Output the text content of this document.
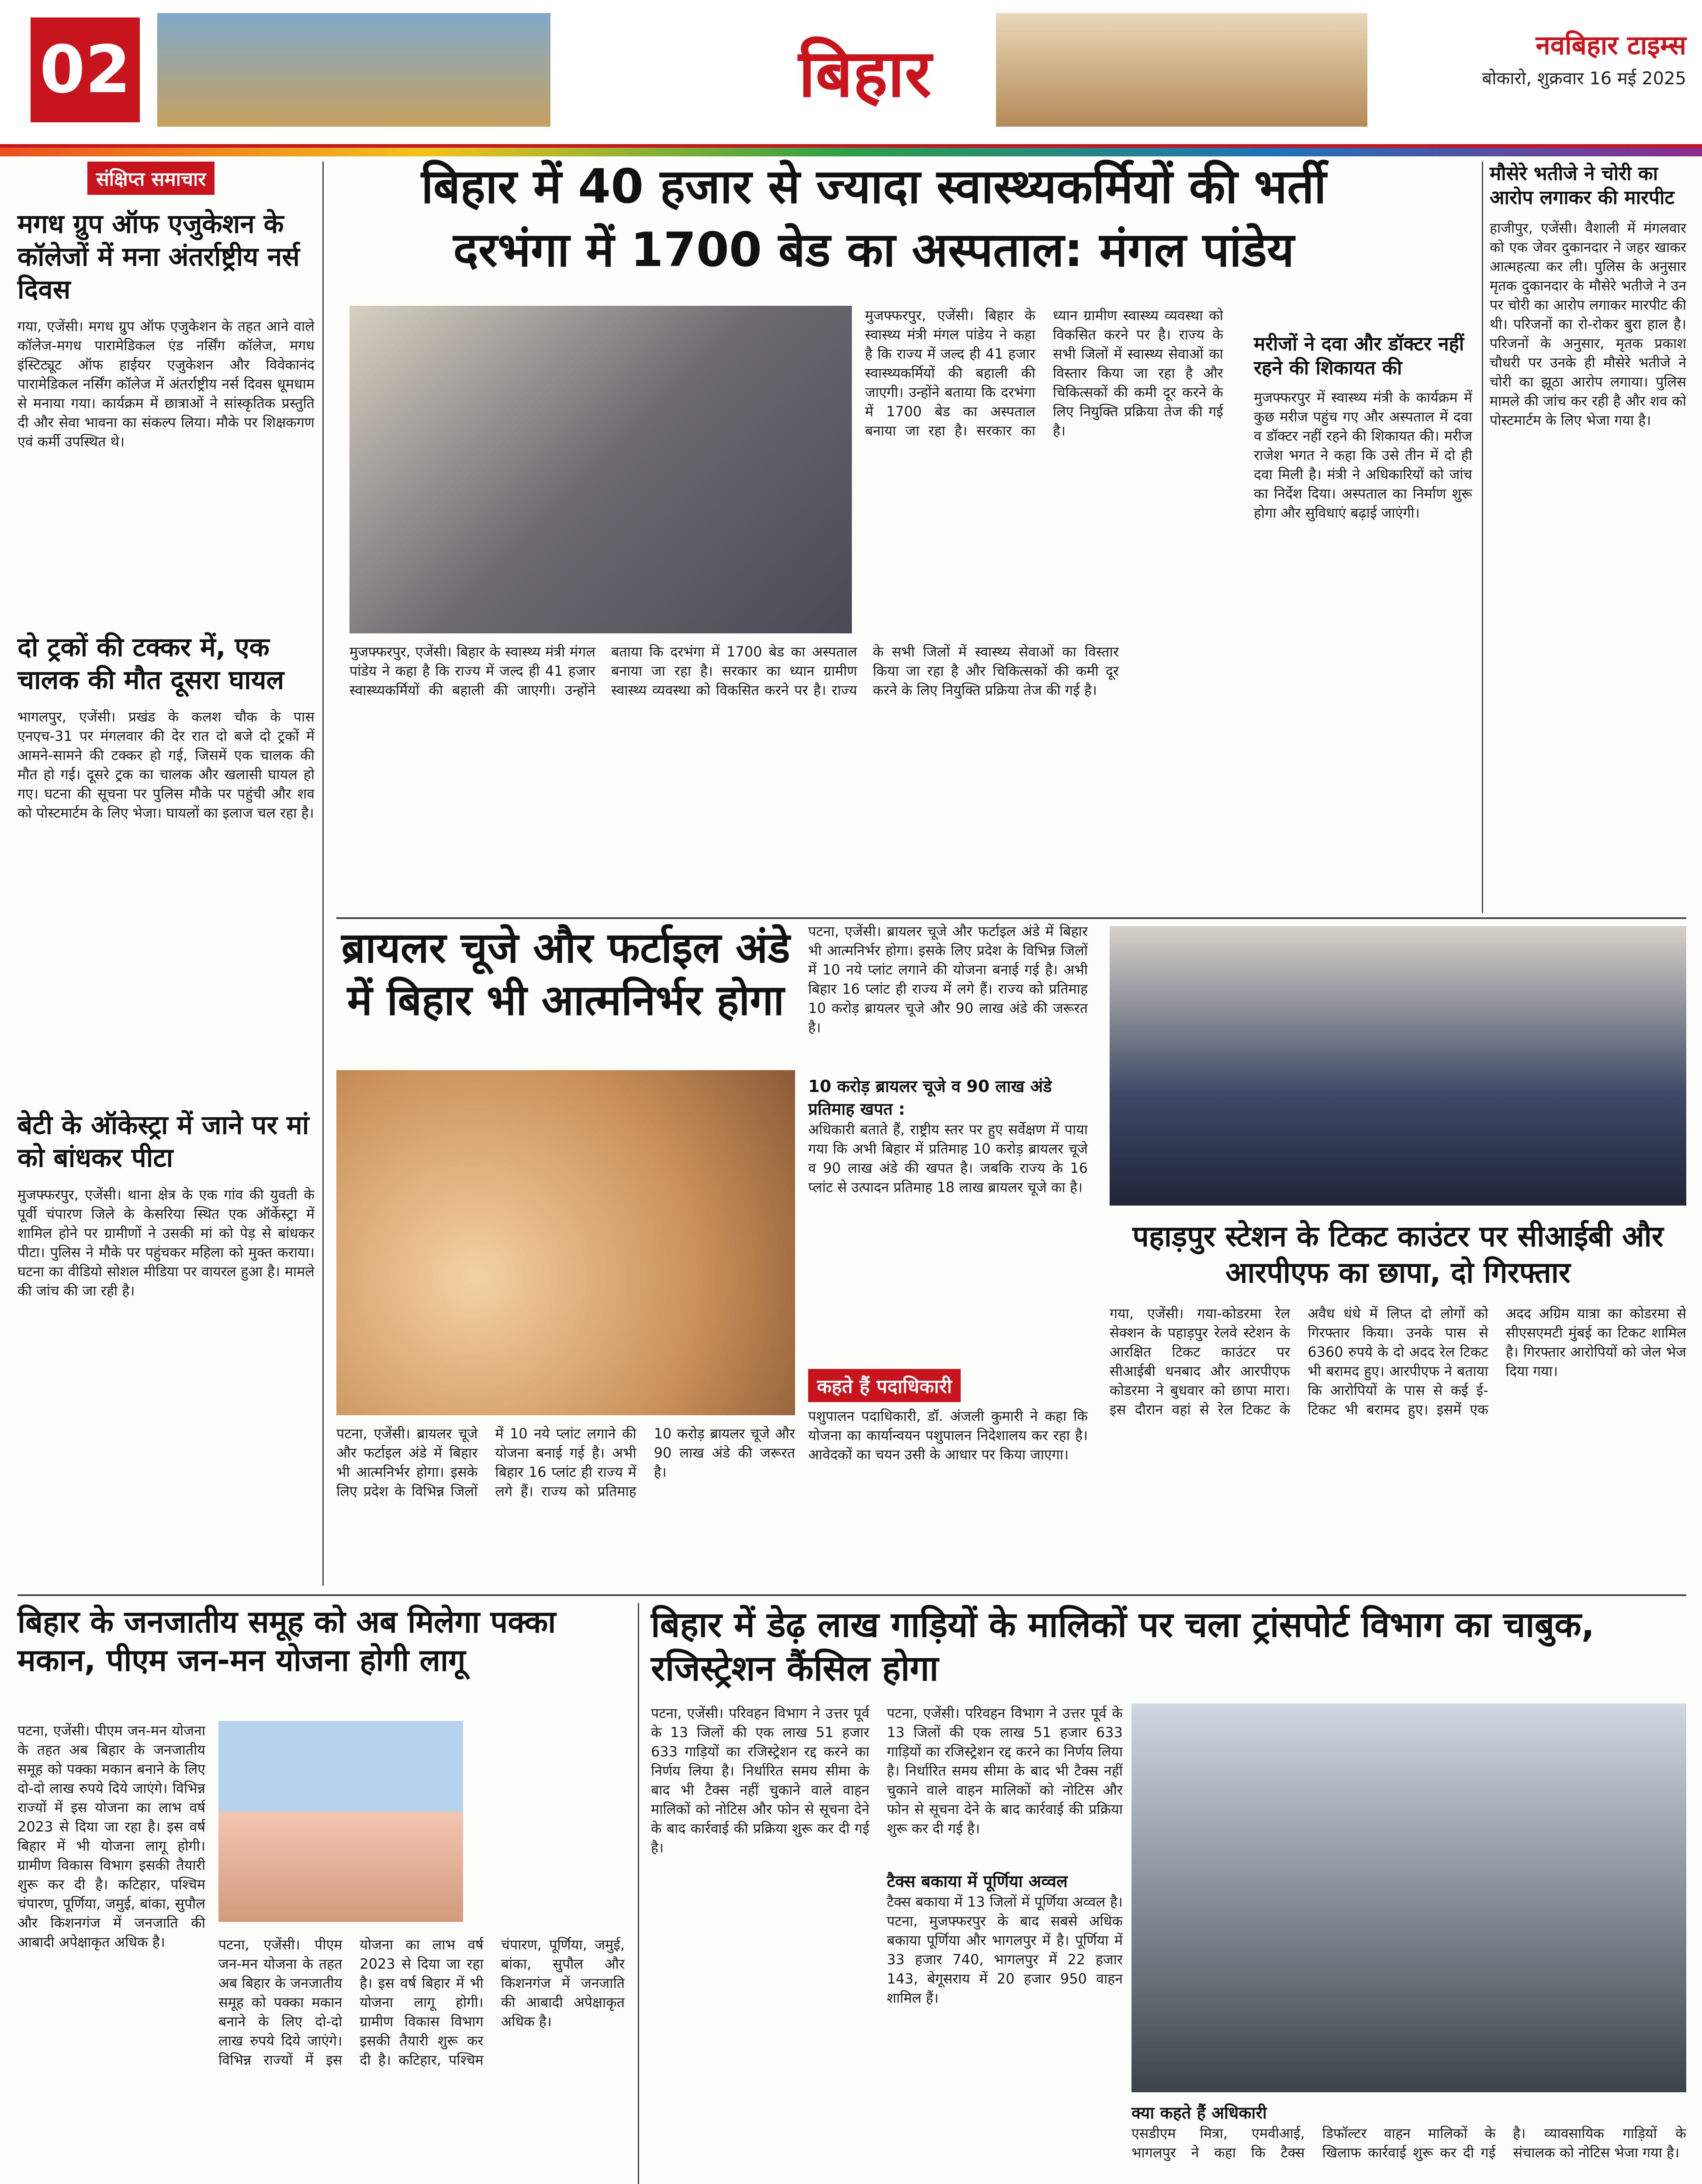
02	बिहार	नवबिहार टाइम्स
बोकारो, शुक्रवार 16 मई 2025
संक्षिप्त समाचार
मगध ग्रुप ऑफ एजुकेशन के कॉलेजों में मना अंतर्राष्ट्रीय नर्स दिवस
गया, एजेंसी। मगध ग्रुप ऑफ एजुकेशन के तहत आने वाले कॉलेज-मगध पारामेडिकल एंड नर्सिंग कॉलेज, मगध इंस्टिट्यूट ऑफ हाईयर एजुकेशन और विवेकानंद पारामेडिकल नर्सिंग कॉलेज में अंतर्राष्ट्रीय नर्स दिवस धूमधाम से मनाया गया। कार्यक्रम में छात्राओं ने सांस्कृतिक प्रस्तुति दी और सेवा भावना का संकल्प लिया। मौके पर शिक्षकगण एवं कर्मी उपस्थित थे।
दो ट्रकों की टक्कर में, एक चालक की मौत दूसरा घायल
भागलपुर, एजेंसी। प्रखंड के कलश चौक के पास एनएच-31 पर मंगलवार की देर रात दो बजे दो ट्रकों में आमने-सामने की टक्कर हो गई, जिसमें एक चालक की मौत हो गई। दूसरे ट्रक का चालक और खलासी घायल हो गए। घटना की सूचना पर पुलिस मौके पर पहुंची और शव को पोस्टमार्टम के लिए भेजा। घायलों का इलाज चल रहा है।
बेटी के ऑकेस्ट्रा में जाने पर मां को बांधकर पीटा
मुजफ्फरपुर, एजेंसी। थाना क्षेत्र के एक गांव की युवती के पूर्वी चंपारण जिले के केसरिया स्थित एक ऑर्केस्ट्रा में शामिल होने पर ग्रामीणों ने उसकी मां को पेड़ से बांधकर पीटा। पुलिस ने मौके पर पहुंचकर महिला को मुक्त कराया। घटना का वीडियो सोशल मीडिया पर वायरल हुआ है। मामले की जांच की जा रही है।
बिहार में 40 हजार से ज्यादा स्वास्थ्यकर्मियों की भर्ती
दरभंगा में 1700 बेड का अस्पताल: मंगल पांडेय
मुजफ्फरपुर, एजेंसी। बिहार के स्वास्थ्य मंत्री मंगल पांडेय ने कहा है कि राज्य में जल्द ही 41 हजार स्वास्थ्यकर्मियों की बहाली की जाएगी। उन्होंने बताया कि दरभंगा में 1700 बेड का अस्पताल बनाया जा रहा है। सरकार का ध्यान ग्रामीण स्वास्थ्य व्यवस्था को विकसित करने पर है। राज्य के सभी जिलों में स्वास्थ्य सेवाओं का विस्तार किया जा रहा है और चिकित्सकों की कमी दूर करने के लिए नियुक्ति प्रक्रिया तेज की गई है।
मुजफ्फरपुर, एजेंसी। बिहार के स्वास्थ्य मंत्री मंगल पांडेय ने कहा है कि राज्य में जल्द ही 41 हजार स्वास्थ्यकर्मियों की बहाली की जाएगी। उन्होंने बताया कि दरभंगा में 1700 बेड का अस्पताल बनाया जा रहा है। सरकार का ध्यान ग्रामीण स्वास्थ्य व्यवस्था को विकसित करने पर है। राज्य के सभी जिलों में स्वास्थ्य सेवाओं का विस्तार किया जा रहा है और चिकित्सकों की कमी दूर करने के लिए नियुक्ति प्रक्रिया तेज की गई है।
मरीजों ने दवा और डॉक्टर नहीं रहने की शिकायत की
मुजफ्फरपुर में स्वास्थ्य मंत्री के कार्यक्रम में कुछ मरीज पहुंच गए और अस्पताल में दवा व डॉक्टर नहीं रहने की शिकायत की। मरीज राजेश भगत ने कहा कि उसे तीन में दो ही दवा मिली है। मंत्री ने अधिकारियों को जांच का निर्देश दिया। अस्पताल का निर्माण शुरू होगा और सुविधाएं बढ़ाई जाएंगी।
मौसेरे भतीजे ने चोरी का आरोप लगाकर की मारपीट
हाजीपुर, एजेंसी। वैशाली में मंगलवार को एक जेवर दुकानदार ने जहर खाकर आत्महत्या कर ली। पुलिस के अनुसार मृतक दुकानदार के मौसेरे भतीजे ने उन पर चोरी का आरोप लगाकर मारपीट की थी। परिजनों का रो-रोकर बुरा हाल है। परिजनों के अनुसार, मृतक प्रकाश चौधरी पर उनके ही मौसेरे भतीजे ने चोरी का झूठा आरोप लगाया। पुलिस मामले की जांच कर रही है और शव को पोस्टमार्टम के लिए भेजा गया है।
ब्रायलर चूजे और फर्टाइल अंडे में बिहार भी आत्मनिर्भर होगा
पटना, एजेंसी। ब्रायलर चूजे और फर्टाइल अंडे में बिहार भी आत्मनिर्भर होगा। इसके लिए प्रदेश के विभिन्न जिलों में 10 नये प्लांट लगाने की योजना बनाई गई है। अभी बिहार 16 प्लांट ही राज्य में लगे हैं। राज्य को प्रतिमाह 10 करोड़ ब्रायलर चूजे और 90 लाख अंडे की जरूरत है।
पटना, एजेंसी। ब्रायलर चूजे और फर्टाइल अंडे में बिहार भी आत्मनिर्भर होगा। इसके लिए प्रदेश के विभिन्न जिलों में 10 नये प्लांट लगाने की योजना बनाई गई है। अभी बिहार 16 प्लांट ही राज्य में लगे हैं। राज्य को प्रतिमाह 10 करोड़ ब्रायलर चूजे और 90 लाख अंडे की जरूरत है।
10 करोड़ ब्रायलर चूजे व 90 लाख अंडे प्रतिमाह खपत :
अधिकारी बताते हैं, राष्ट्रीय स्तर पर हुए सर्वेक्षण में पाया गया कि अभी बिहार में प्रतिमाह 10 करोड़ ब्रायलर चूजे व 90 लाख अंडे की खपत है। जबकि राज्य के 16 प्लांट से उत्पादन प्रतिमाह 18 लाख ब्रायलर चूजे का है।
कहते हैं पदाधिकारी
पशुपालन पदाधिकारी, डॉ. अंजली कुमारी ने कहा कि योजना का कार्यान्वयन पशुपालन निदेशालय कर रहा है। आवेदकों का चयन उसी के आधार पर किया जाएगा।
पहाड़पुर स्टेशन के टिकट काउंटर पर सीआईबी और आरपीएफ का छापा, दो गिरफ्तार
गया, एजेंसी। गया-कोडरमा रेल सेक्शन के पहाड़पुर रेलवे स्टेशन के आरक्षित टिकट काउंटर पर सीआईबी धनबाद और आरपीएफ कोडरमा ने बुधवार को छापा मारा। इस दौरान वहां से रेल टिकट के अवैध धंधे में लिप्त दो लोगों को गिरफ्तार किया। उनके पास से 6360 रुपये के दो अदद रेल टिकट भी बरामद हुए। आरपीएफ ने बताया कि आरोपियों के पास से कई ई-टिकट भी बरामद हुए। इसमें एक अदद अग्रिम यात्रा का कोडरमा से सीएसएमटी मुंबई का टिकट शामिल है। गिरफ्तार आरोपियों को जेल भेज दिया गया।
बिहार के जनजातीय समूह को अब मिलेगा पक्का मकान, पीएम जन-मन योजना होगी लागू
पटना, एजेंसी। पीएम जन-मन योजना के तहत अब बिहार के जनजातीय समूह को पक्का मकान बनाने के लिए दो-दो लाख रुपये दिये जाएंगे। विभिन्न राज्यों में इस योजना का लाभ वर्ष 2023 से दिया जा रहा है। इस वर्ष बिहार में भी योजना लागू होगी। ग्रामीण विकास विभाग इसकी तैयारी शुरू कर दी है। कटिहार, पश्चिम चंपारण, पूर्णिया, जमुई, बांका, सुपौल और किशनगंज में जनजाति की आबादी अपेक्षाकृत अधिक है।	पटना, एजेंसी। पीएम जन-मन योजना के तहत अब बिहार के जनजातीय समूह को पक्का मकान बनाने के लिए दो-दो लाख रुपये दिये जाएंगे। विभिन्न राज्यों में इस योजना का लाभ वर्ष 2023 से दिया जा रहा है। इस वर्ष बिहार में भी योजना लागू होगी। ग्रामीण विकास विभाग इसकी तैयारी शुरू कर दी है। कटिहार, पश्चिम चंपारण, पूर्णिया, जमुई, बांका, सुपौल और किशनगंज में जनजाति की आबादी अपेक्षाकृत अधिक है।
बिहार में डेढ़ लाख गाड़ियों के मालिकों पर चला ट्रांसपोर्ट विभाग का चाबुक, रजिस्ट्रेशन कैंसिल होगा
पटना, एजेंसी। परिवहन विभाग ने उत्तर पूर्व के 13 जिलों की एक लाख 51 हजार 633 गाड़ियों का रजिस्ट्रेशन रद्द करने का निर्णय लिया है। निर्धारित समय सीमा के बाद भी टैक्स नहीं चुकाने वाले वाहन मालिकों को नोटिस और फोन से सूचना देने के बाद कार्रवाई की प्रक्रिया शुरू कर दी गई है।
पटना, एजेंसी। परिवहन विभाग ने उत्तर पूर्व के 13 जिलों की एक लाख 51 हजार 633 गाड़ियों का रजिस्ट्रेशन रद्द करने का निर्णय लिया है। निर्धारित समय सीमा के बाद भी टैक्स नहीं चुकाने वाले वाहन मालिकों को नोटिस और फोन से सूचना देने के बाद कार्रवाई की प्रक्रिया शुरू कर दी गई है।
टैक्स बकाया में पूर्णिया अव्वल
टैक्स बकाया में 13 जिलों में पूर्णिया अव्वल है। पटना, मुजफ्फरपुर के बाद सबसे अधिक बकाया पूर्णिया और भागलपुर में है। पूर्णिया में 33 हजार 740, भागलपुर में 22 हजार 143, बेगूसराय में 20 हजार 950 वाहन शामिल हैं।
क्या कहते हैं अधिकारी
एसडीएम मित्रा, एमवीआई, भागलपुर ने कहा कि टैक्स डिफॉल्टर वाहन मालिकों के खिलाफ कार्रवाई शुरू कर दी गई है। व्यावसायिक गाड़ियों के संचालक को नोटिस भेजा गया है।
